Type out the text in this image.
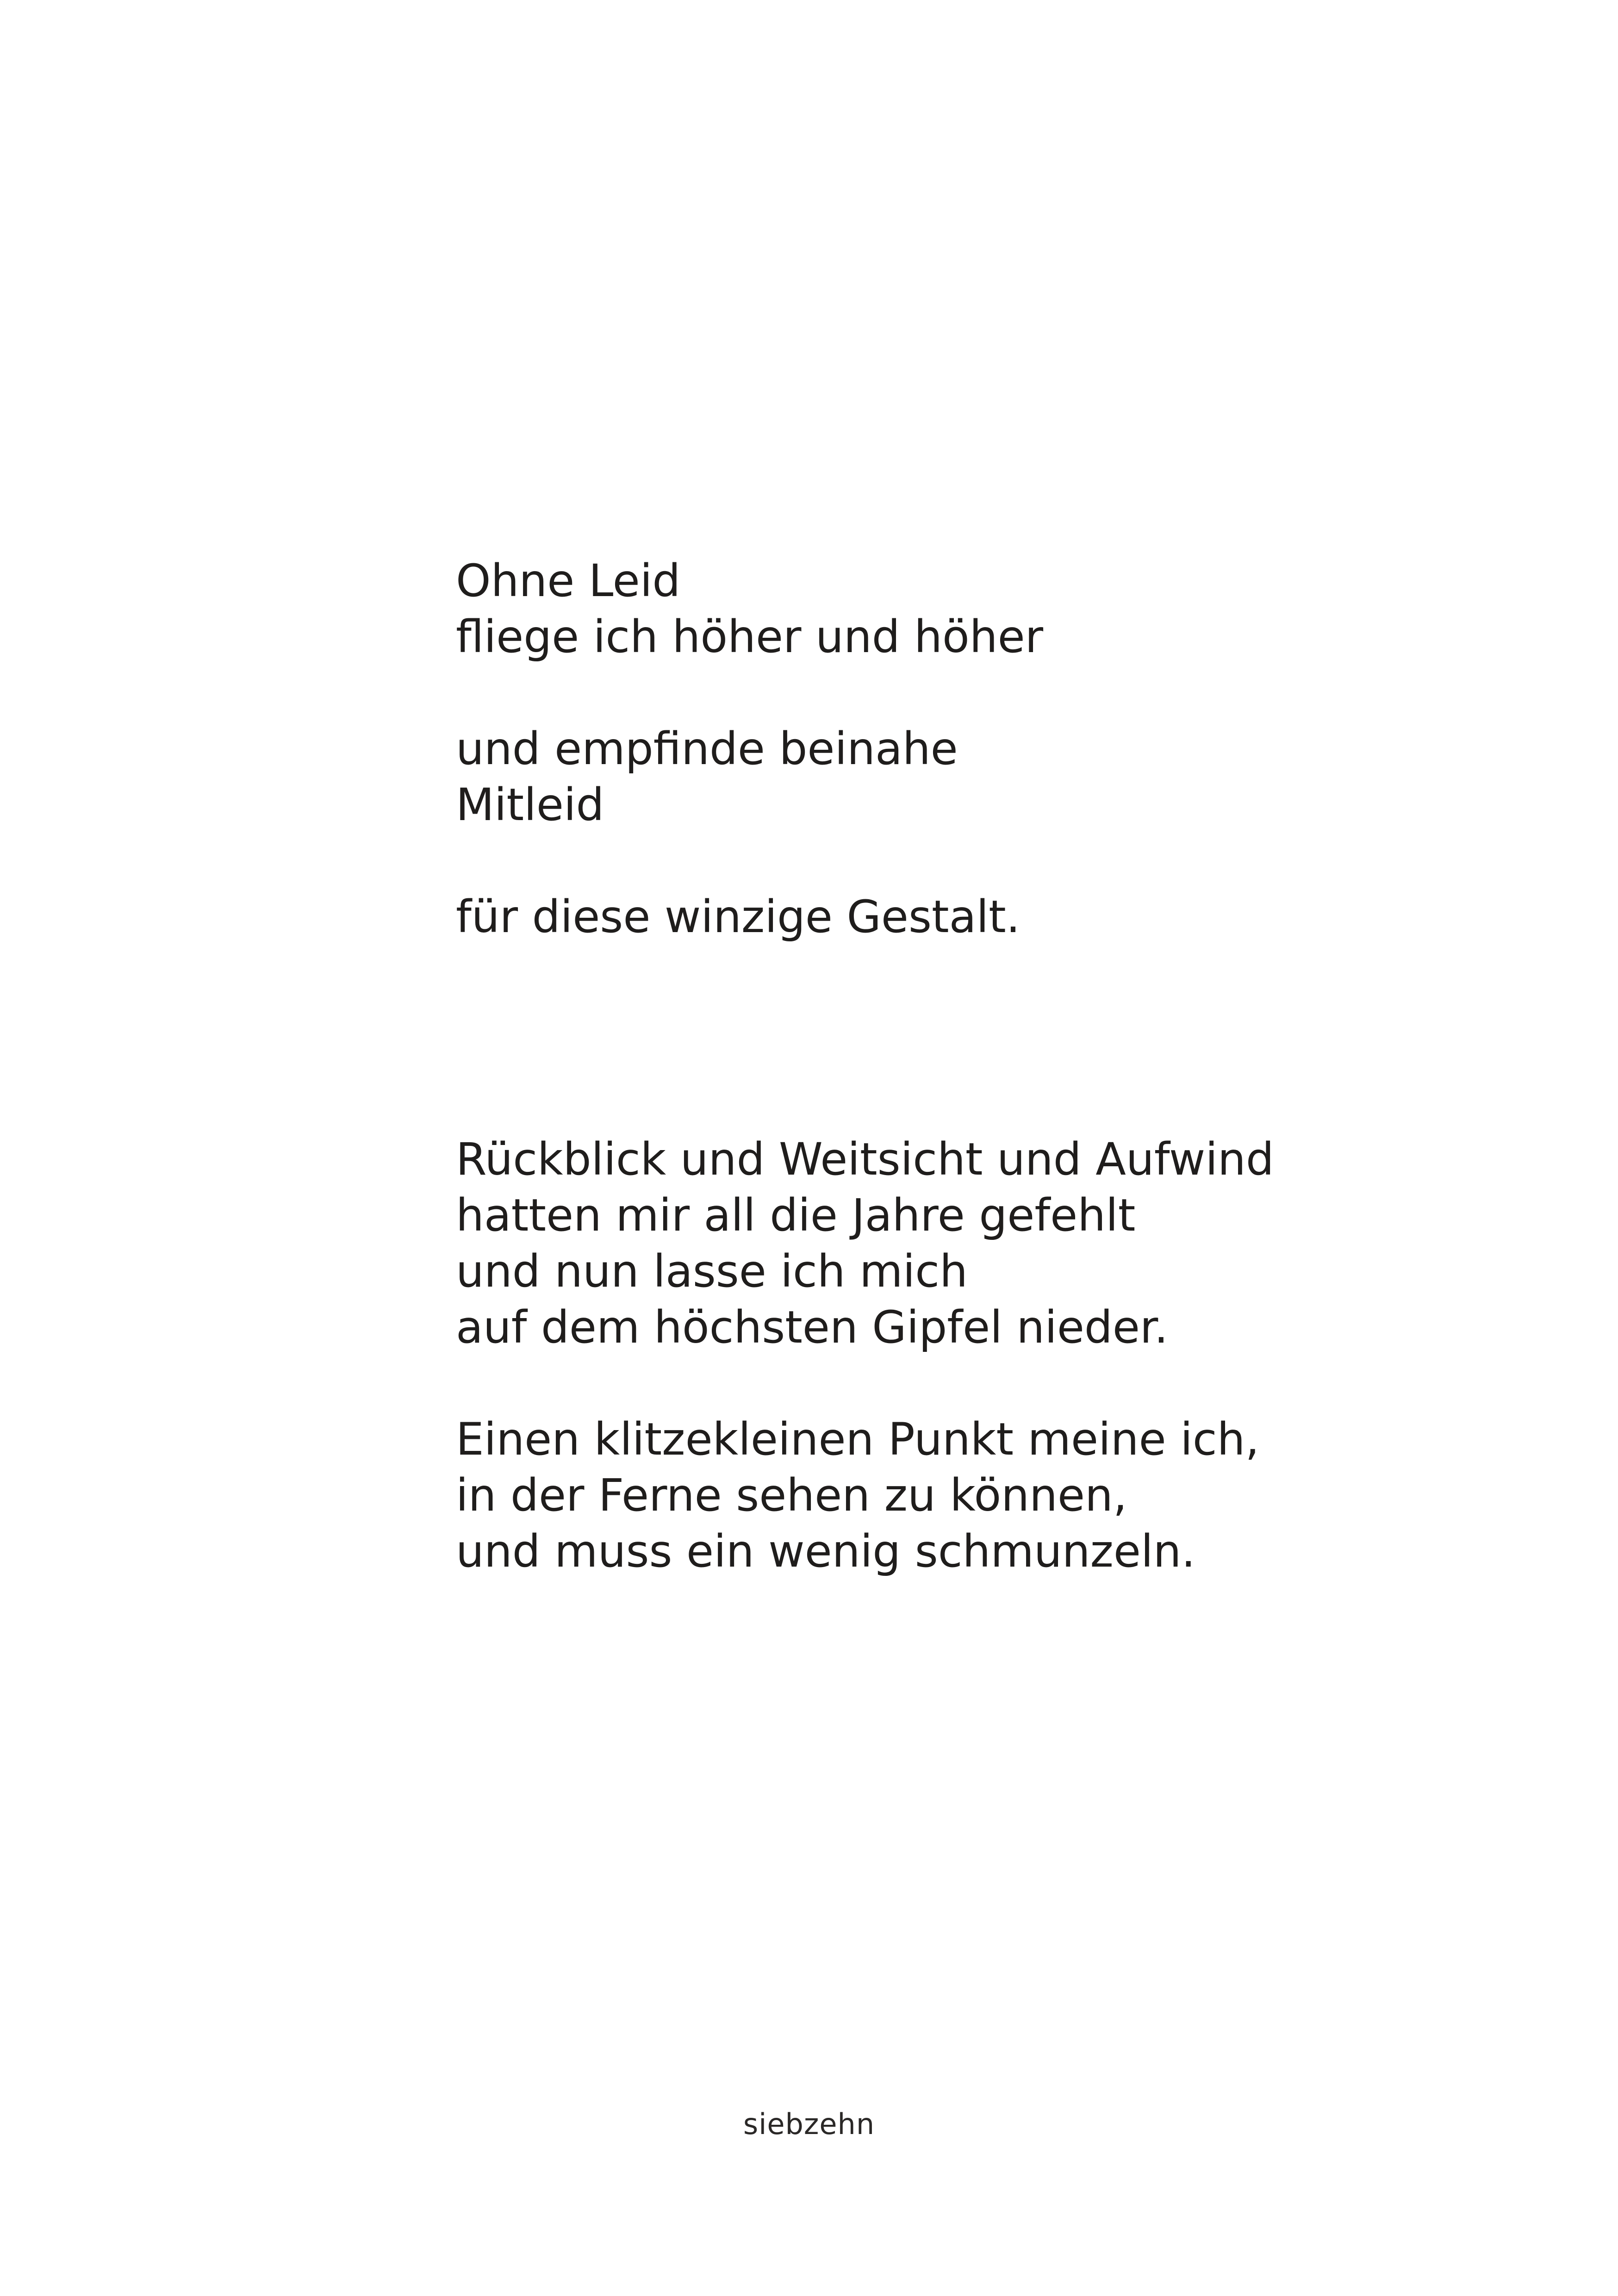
Ohne Leid
fliege ich höher und höher
und empfinde beinahe
Mitleid
für diese winzige Gestalt.
Rückblick und Weitsicht und Aufwind
hatten mir all die Jahre gefehlt
und nun lasse ich mich
auf dem höchsten Gipfel nieder.
Einen klitzekleinen Punkt meine ich,
in der Ferne sehen zu können,
und muss ein wenig schmunzeln.
siebzehn
